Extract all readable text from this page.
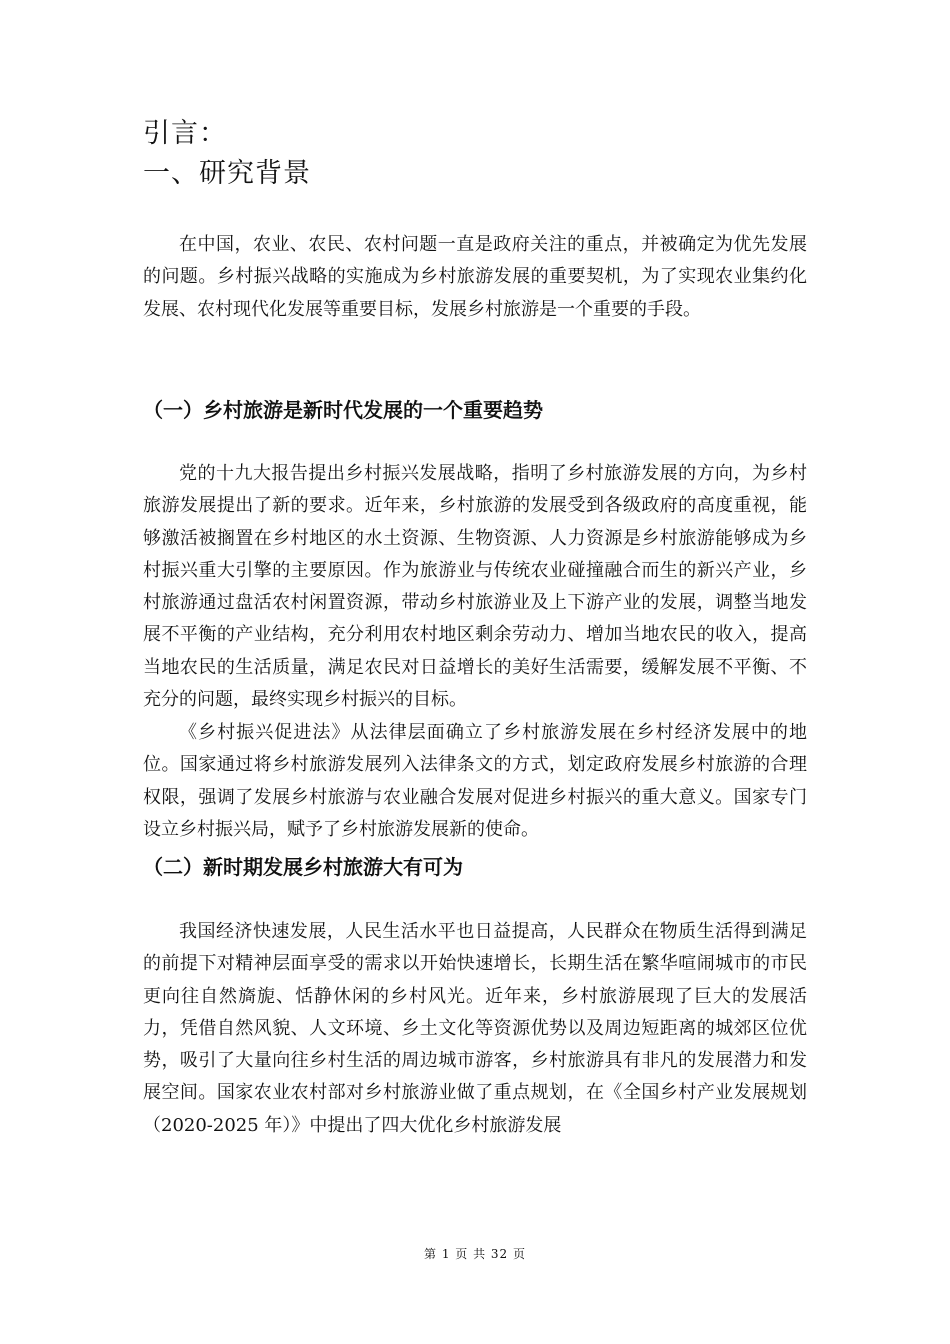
引言：
一、研究背景

在中国，农业、农民、农村问题一直是政府关注的重点，并被确定为优先发展的问题。乡村振兴战略的实施成为乡村旅游发展的重要契机，为了实现农业集约化发展、农村现代化发展等重要目标，发展乡村旅游是一个重要的手段。

（一）乡村旅游是新时代发展的一个重要趋势

党的十九大报告提出乡村振兴发展战略，指明了乡村旅游发展的方向，为乡村旅游发展提出了新的要求。近年来，乡村旅游的发展受到各级政府的高度重视，能够激活被搁置在乡村地区的水土资源、生物资源、人力资源是乡村旅游能够成为乡村振兴重大引擎的主要原因。作为旅游业与传统农业碰撞融合而生的新兴产业，乡村旅游通过盘活农村闲置资源，带动乡村旅游业及上下游产业的发展，调整当地发展不平衡的产业结构，充分利用农村地区剩余劳动力、增加当地农民的收入，提高当地农民的生活质量，满足农民对日益增长的美好生活需要，缓解发展不平衡、不充分的问题，最终实现乡村振兴的目标。

《乡村振兴促进法》从法律层面确立了乡村旅游发展在乡村经济发展中的地位。国家通过将乡村旅游发展列入法律条文的方式，划定政府发展乡村旅游的合理权限，强调了发展乡村旅游与农业融合发展对促进乡村振兴的重大意义。国家专门设立乡村振兴局，赋予了乡村旅游发展新的使命。

（二）新时期发展乡村旅游大有可为

我国经济快速发展，人民生活水平也日益提高，人民群众在物质生活得到满足的前提下对精神层面享受的需求以开始快速增长，长期生活在繁华喧闹城市的市民更向往自然旖旎、恬静休闲的乡村风光。近年来，乡村旅游展现了巨大的发展活力，凭借自然风貌、人文环境、乡土文化等资源优势以及周边短距离的城郊区位优势，吸引了大量向往乡村生活的周边城市游客，乡村旅游具有非凡的发展潜力和发展空间。国家农业农村部对乡村旅游业做了重点规划，在《全国乡村产业发展规划（2020-2025 年）》中提出了四大优化乡村旅游发展

第 1 页 共 32 页
